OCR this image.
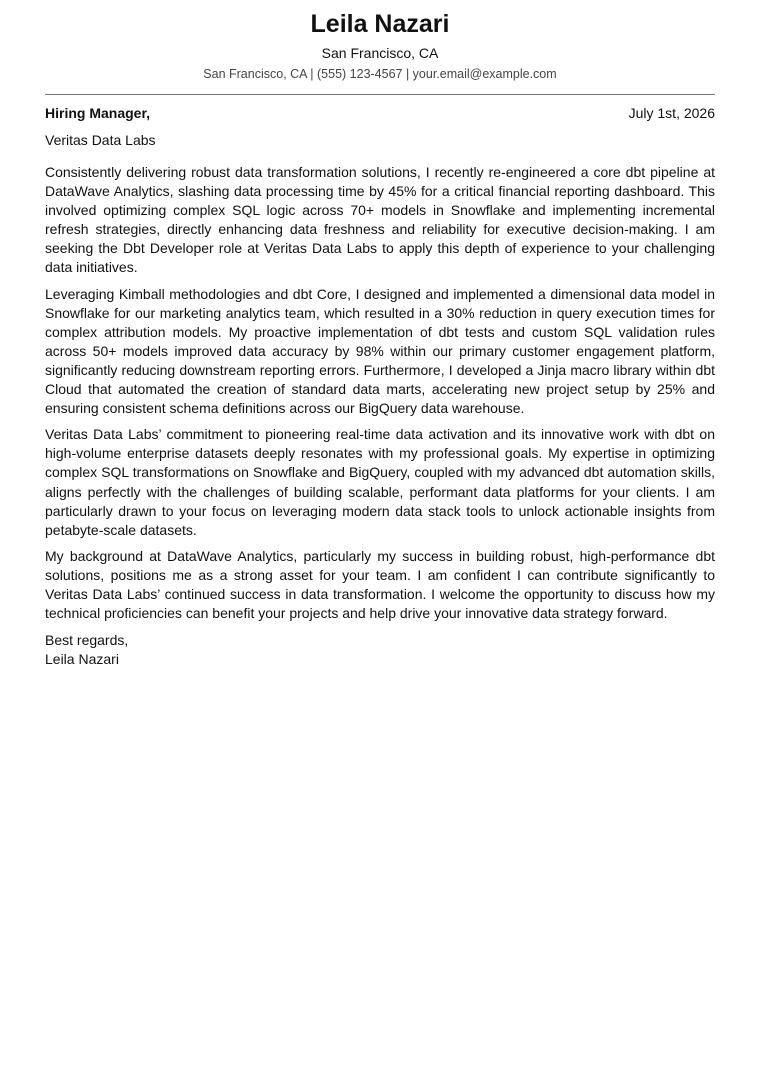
Leila Nazari
San Francisco, CA
San Francisco, CA | (555) 123-4567 | your.email@example.com
Hiring Manager,	July 1st, 2026
Veritas Data Labs

Consistently delivering robust data transformation solutions, I recently re-engineered a core dbt pipeline at DataWave Analytics, slashing data processing time by 45% for a critical financial reporting dashboard. This involved optimizing complex SQL logic across 70+ models in Snowflake and implementing incremental refresh strategies, directly enhancing data freshness and reliability for executive decision-making. I am seeking the Dbt Developer role at Veritas Data Labs to apply this depth of experience to your challenging data initiatives.

Leveraging Kimball methodologies and dbt Core, I designed and implemented a dimensional data model in Snowflake for our marketing analytics team, which resulted in a 30% reduction in query execution times for complex attribution models. My proactive implementation of dbt tests and custom SQL validation rules across 50+ models improved data accuracy by 98% within our primary customer engagement platform, significantly reducing downstream reporting errors. Furthermore, I developed a Jinja macro library within dbt Cloud that automated the creation of standard data marts, accelerating new project setup by 25% and ensuring consistent schema definitions across our BigQuery data warehouse.

Veritas Data Labs’ commitment to pioneering real-time data activation and its innovative work with dbt on high-volume enterprise datasets deeply resonates with my professional goals. My expertise in optimizing complex SQL transformations on Snowflake and BigQuery, coupled with my advanced dbt automation skills, aligns perfectly with the challenges of building scalable, performant data platforms for your clients. I am particularly drawn to your focus on leveraging modern data stack tools to unlock actionable insights from petabyte-scale datasets.

My background at DataWave Analytics, particularly my success in building robust, high-performance dbt solutions, positions me as a strong asset for your team. I am confident I can contribute significantly to Veritas Data Labs’ continued success in data transformation. I welcome the opportunity to discuss how my technical proficiencies can benefit your projects and help drive your innovative data strategy forward.

Best regards,
Leila Nazari
